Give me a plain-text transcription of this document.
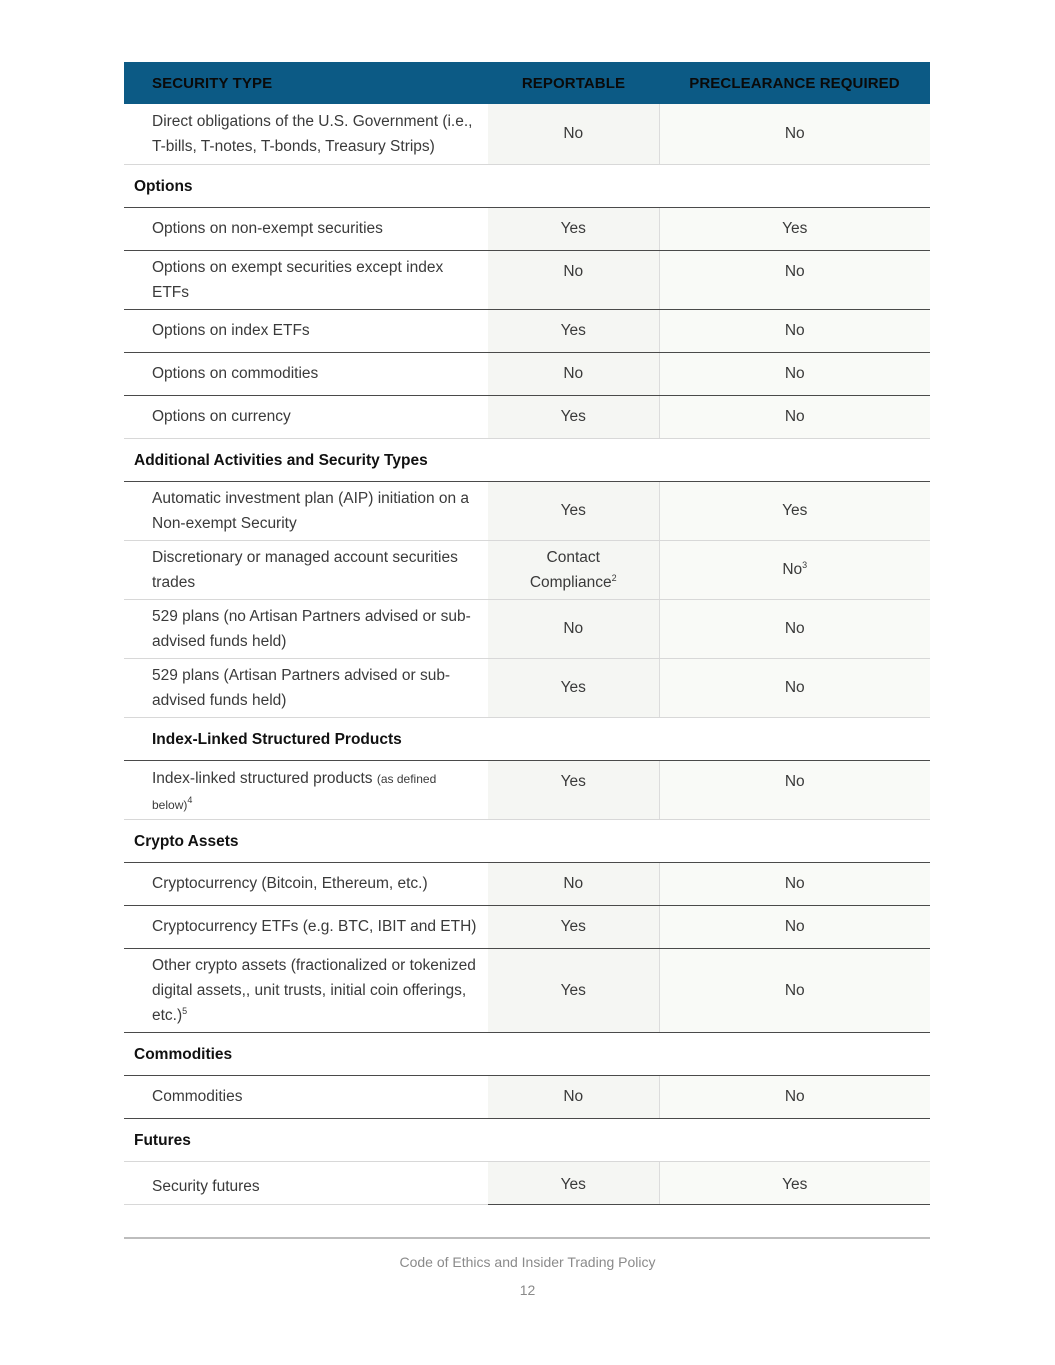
SECURITY TYPE	REPORTABLE	PRECLEARANCE REQUIRED
Direct obligations of the U.S. Government (i.e., T-bills, T-notes, T-bonds, Treasury Strips)	No	No
Options		
Options on non-exempt securities	Yes	Yes
Options on exempt securities except index ETFs	No	No
Options on index ETFs	Yes	No
Options on commodities	No	No
Options on currency	Yes	No
Additional Activities and Security Types		
Automatic investment plan (AIP) initiation on a Non-exempt Security	Yes	Yes
Discretionary or managed account securities trades	Contact Compliance$^2$	No$^3$
529 plans (no Artisan Partners advised or sub-advised funds held)	No	No
529 plans (Artisan Partners advised or sub-advised funds held)	Yes	No
Index-Linked Structured Products		
Index-linked structured products (as defined below)$^4$	Yes	No
Crypto Assets		
Cryptocurrency (Bitcoin, Ethereum, etc.)	No	No
Cryptocurrency ETFs (e.g. BTC, IBIT and ETH)	Yes	No
Other crypto assets (fractionalized or tokenized digital assets,, unit trusts, initial coin offerings, etc.)$^5$	Yes	No
Commodities		
Commodities	No	No
Futures		
Security futures	Yes	Yes
Code of Ethics and Insider Trading Policy
12
